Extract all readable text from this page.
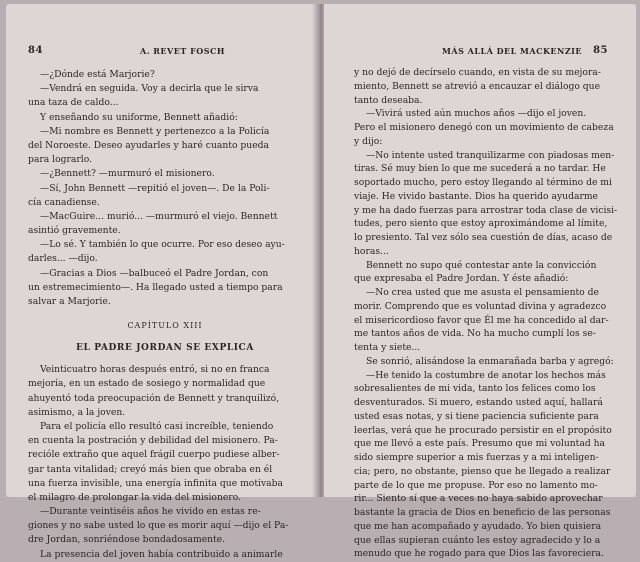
84	A. REVET FOSCH
—¿Dónde está Marjorie?
—Vendrá en seguida. Voy a decirla que le sirva
una taza de caldo...
Y enseñando su uniforme, Bennett añadió:
—Mi nombre es Bennett y pertenezco a la Policía
del Noroeste. Deseo ayudarles y haré cuanto pueda
para lograrlo.
—¿Bennett? —murmuró el misionero.
—Sí, John Bennett —repitió el joven—. De la Poli-
cía canadiense.
—MacGuire... murió... —murmuró el viejo. Bennett
asintió gravemente.
—Lo sé. Y también lo que ocurre. Por eso deseo ayu-
darles... —dijo.
—Gracias a Dios —balbuceó el Padre Jordan, con
un estremecimiento—. Ha llegado usted a tiempo para
salvar a Marjorie.
CAPÍTULO XIII
EL PADRE JORDAN SE EXPLICA
Veinticuatro horas después entró, si no en franca
mejoría, en un estado de sosiego y normalidad que
ahuyentó toda preocupación de Bennett y tranquilizó,
asimismo, a la joven.
Para el policía ello resultó casi increíble, teniendo
en cuenta la postración y debilidad del misionero. Pa-
recióle extraño que aquel frágil cuerpo pudiese alber-
gar tanta vitalidad; creyó más bien que obraba en él
una fuerza invisible, una energía infinita que motivaba
el milagro de prolongar la vida del misionero.
—Durante veintiséis años he vivido en estas re-
giones y no sabe usted lo que es morir aquí —dijo el Pa-
dre Jordan, sonriéndose bondadosamente.
La presencia del joven había contribuido a animarle
MÁS ALLÁ DEL MACKENZIE 85
y no dejó de decírselo cuando, en vista de su mejora-
miento, Bennett se atrevió a encauzar el diálogo que
tanto deseaba.
—Vivirá usted aún muchos años —dijo el joven.
Pero el misionero denegó con un movimiento de cabeza
y dijo:
—No intente usted tranquilizarme con piadosas men-
tiras. Sé muy bien lo que me sucederá a no tardar. He
soportado mucho, pero estoy llegando al término de mi
viaje. He vivido bastante. Dios ha querido ayudarme
y me ha dado fuerzas para arrostrar toda clase de vicisi-
tudes, pero siento que estoy aproximándome al límite,
lo presiento. Tal vez sólo sea cuestión de días, acaso de
horas...
Bennett no supo qué contestar ante la convicción
que expresaba el Padre Jordan. Y éste añadió:
—No crea usted que me asusta el pensamiento de
morir. Comprendo que es voluntad divina y agradezco
el misericordioso favor que Él me ha concedido al dar-
me tantos años de vida. No ha mucho cumplí los se-
tenta y siete...
Se sonrió, alisándose la enmarañada barba y agregó:
—He tenido la costumbre de anotar los hechos más
sobresalientes de mi vida, tanto los felices como los
desventurados. Si muero, estando usted aquí, hallará
usted esas notas, y si tiene paciencia suficiente para
leerlas, verá que he procurado persistir en el propósito
que me llevó a este país. Presumo que mi voluntad ha
sido siempre superior a mis fuerzas y a mi inteligen-
cia; pero, no obstante, pienso que he llegado a realizar
parte de lo que me propuse. Por eso no lamento mo-
rir... Siento sí que a veces no haya sabido aprovechar
bastante la gracia de Dios en beneficio de las personas
que me han acompañado y ayudado. Yo bien quisiera
que ellas supieran cuánto les estoy agradecido y lo a
menudo que he rogado para que Dios las favoreciera.
